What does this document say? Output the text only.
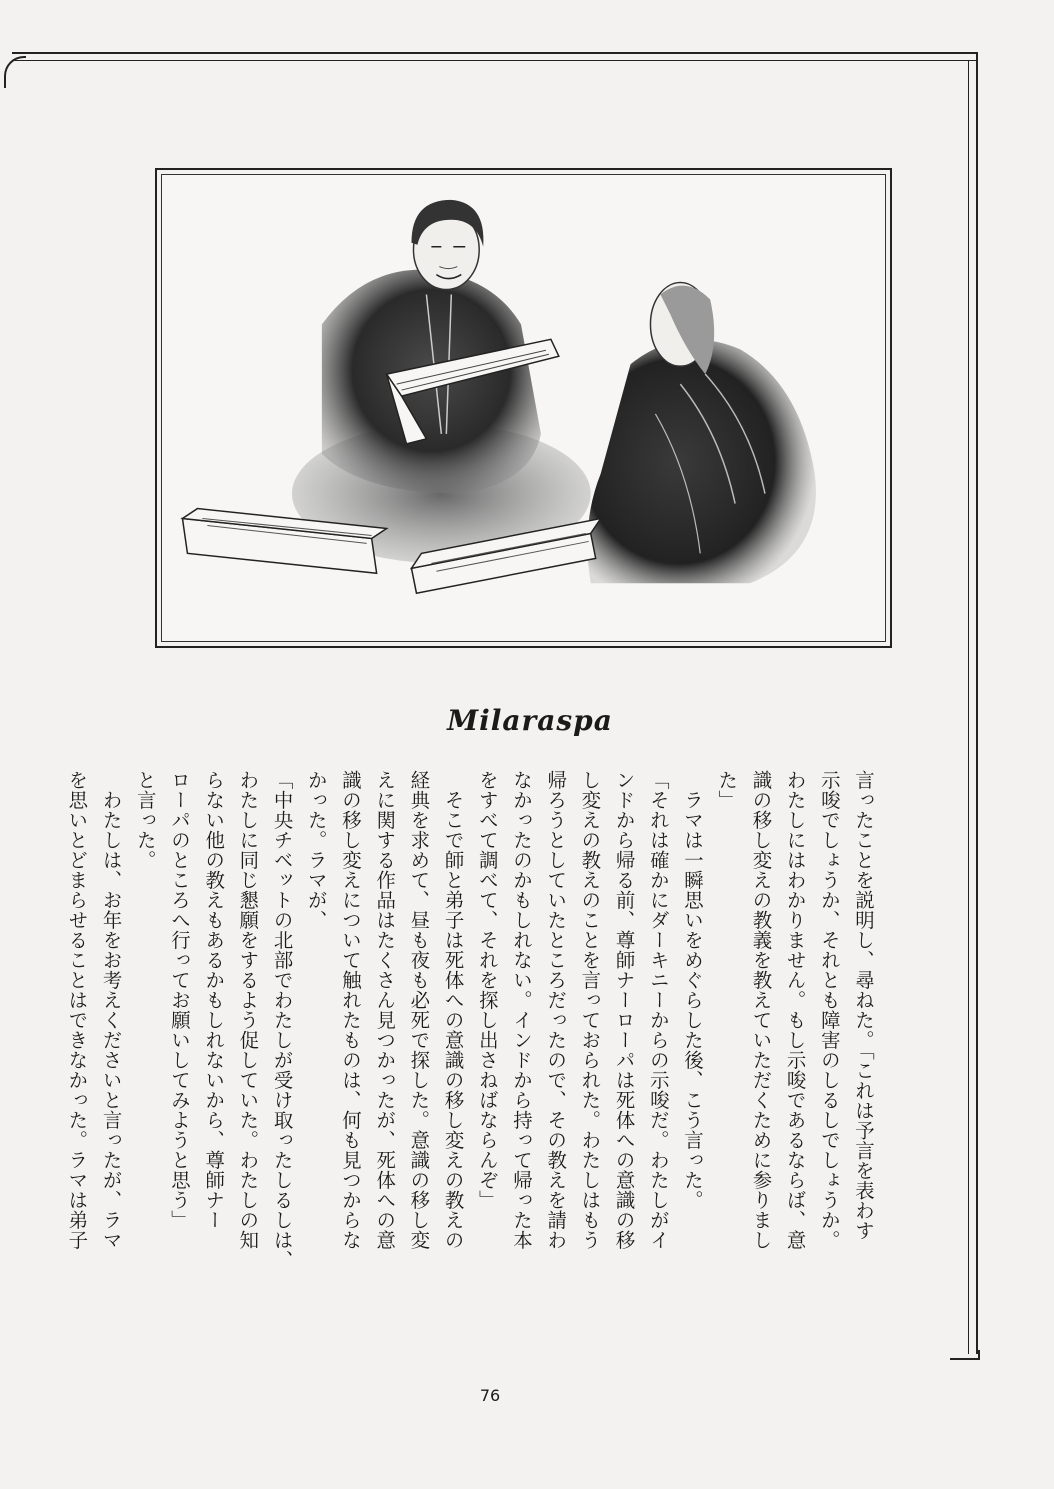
Milaraspa

言ったことを説明し、尋ねた。「これは予言を表わす

示唆でしょうか、それとも障害のしるしでしょうか。

わたしにはわかりません。もし示唆であるならば、意

識の移し変えの教義を教えていただくために参りまし

た」

　ラマは一瞬思いをめぐらした後、こう言った。

「それは確かにダーキニーからの示唆だ。わたしがイ

ンドから帰る前、尊師ナーローパは死体への意識の移

し変えの教えのことを言っておられた。わたしはもう

帰ろうとしていたところだったので、その教えを請わ

なかったのかもしれない。インドから持って帰った本

をすべて調べて、それを探し出さねばならんぞ」

　そこで師と弟子は死体への意識の移し変えの教えの

経典を求めて、昼も夜も必死で探した。意識の移し変

えに関する作品はたくさん見つかったが、死体への意

識の移し変えについて触れたものは、何も見つからな

かった。ラマが、

「中央チベットの北部でわたしが受け取ったしるしは、

わたしに同じ懇願をするよう促していた。わたしの知

らない他の教えもあるかもしれないから、尊師ナー

ローパのところへ行ってお願いしてみようと思う」

と言った。

　わたしは、お年をお考えくださいと言ったが、ラマ

を思いとどまらせることはできなかった。ラマは弟子

76
